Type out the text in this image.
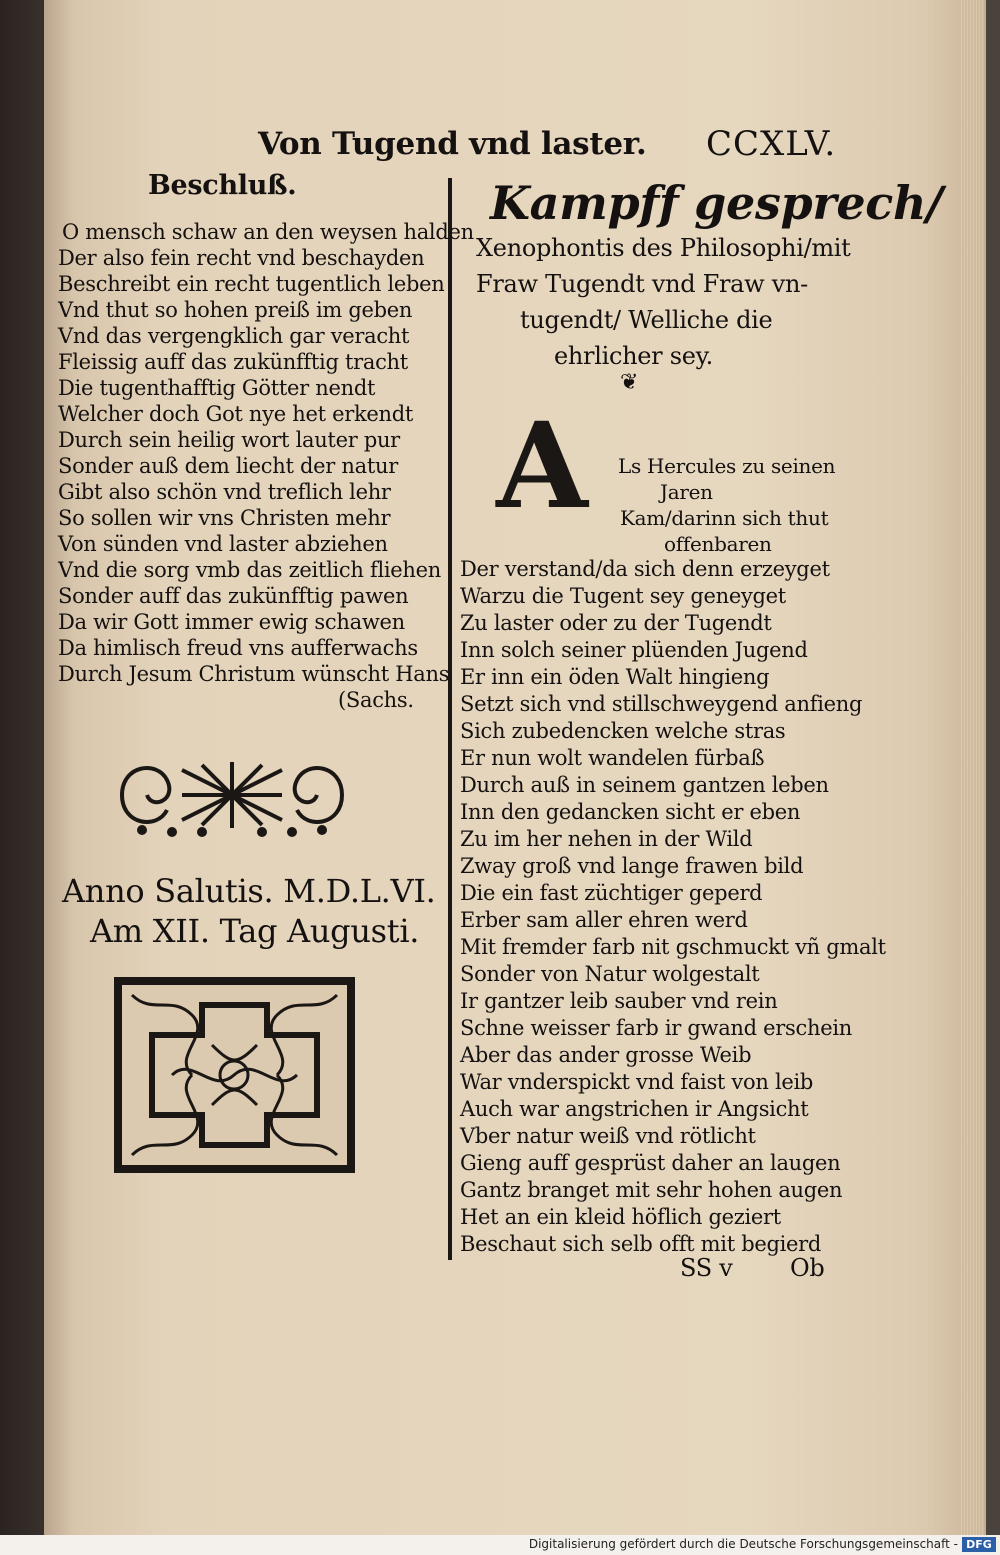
Von Tugend vnd laster. CCXLV.
Beschluß.
O mensch schaw an den weysen halden
Der also fein recht vnd beschayden
Beschreibt ein recht tugentlich leben
Vnd thut so hohen preiß im geben
Vnd das vergengklich gar veracht
Fleissig auff das zukünfftig tracht
Die tugenthafftig Götter nendt
Welcher doch Got nye het erkendt
Durch sein heilig wort lauter pur
Sonder auß dem liecht der natur
Gibt also schön vnd treflich lehr
So sollen wir vns Christen mehr
Von sünden vnd laster abziehen
Vnd die sorg vmb das zeitlich fliehen
Sonder auff das zukünfftig pawen
Da wir Gott immer ewig schawen
Da himlisch freud vns aufferwachs
Durch Jesum Christum wünscht Hans
(Sachs.
Anno Salutis. M.D.L.VI.
Am XII. Tag Augusti.
Kampff gesprech/
Xenophontis des Philosophi/mit
Fraw Tugendt vnd Fraw vn-
tugendt/ Welliche die
ehrlicher sey.
❦
A	Ls Hercules zu seinen
Jaren
Kam/darinn sich thut
offenbaren
Der verstand/da sich denn erzeyget
Warzu die Tugent sey geneyget
Zu laster oder zu der Tugendt
Inn solch seiner plüenden Jugend
Er inn ein öden Walt hingieng
Setzt sich vnd stillschweygend anfieng
Sich zubedencken welche stras
Er nun wolt wandelen fürbaß
Durch auß in seinem gantzen leben
Inn den gedancken sicht er eben
Zu im her nehen in der Wild
Zway groß vnd lange frawen bild
Die ein fast züchtiger geperd
Erber sam aller ehren werd
Mit fremder farb nit gschmuckt vñ gmalt
Sonder von Natur wolgestalt
Ir gantzer leib sauber vnd rein
Schne weisser farb ir gwand erschein
Aber das ander grosse Weib
War vnderspickt vnd faist von leib
Auch war angstrichen ir Angsicht
Vber natur weiß vnd rötlicht
Gieng auff gesprüst daher an laugen
Gantz branget mit sehr hohen augen
Het an ein kleid höflich geziert
Beschaut sich selb offt mit begierd
SS v Ob
Digitalisierung gefördert durch die Deutsche Forschungsgemeinschaft - DFG
